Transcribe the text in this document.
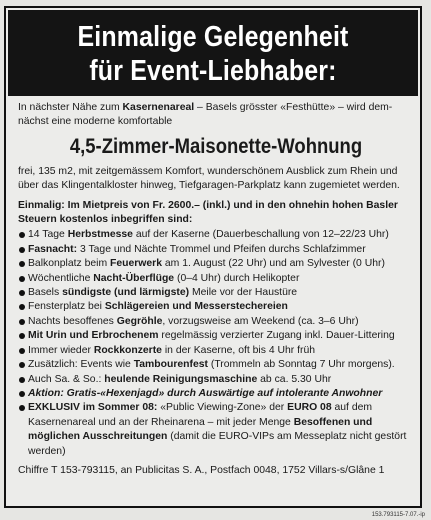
Einmalige Gelegenheit
für Event-Liebhaber:

In nächster Nähe zum Kasernenareal – Basels grösster «Festhütte» – wird dem-nächst eine moderne komfortable

4,5-Zimmer-Maisonette-Wohnung

frei, 135 m2, mit zeitgemässem Komfort, wunderschönem Ausblick zum Rhein und über das Klingentalkloster hinweg, Tiefgaragen-Parkplatz kann zugemietet werden.

Einmalig: Im Mietpreis von Fr. 2600.– (inkl.) und in den ohnehin hohen Basler Steuern kostenlos inbegriffen sind:

14 Tage Herbstmesse auf der Kaserne (Dauerbeschallung von 12–22/23 Uhr)
Fasnacht: 3 Tage und Nächte Trommel und Pfeifen durchs Schlafzimmer
Balkonplatz beim Feuerwerk am 1. August (22 Uhr) und am Sylvester (0 Uhr)
Wöchentliche Nacht-Überflüge (0–4 Uhr) durch Helikopter
Basels sündigste (und lärmigste) Meile vor der Haustüre
Fensterplatz bei Schlägereien und Messerstechereien
Nachts besoffenes Gegröhle, vorzugsweise am Weekend (ca. 3–6 Uhr)
Mit Urin und Erbrochenem regelmässig verzierter Zugang inkl. Dauer-Littering
Immer wieder Rockkonzerte in der Kaserne, oft bis 4 Uhr früh
Zusätzlich: Events wie Tambourenfest (Trommeln ab Sonntag 7 Uhr morgens).
Auch Sa. & So.: heulende Reinigungsmaschine ab ca. 5.30 Uhr
Aktion: Gratis-«Hexenjagd» durch Auswärtige auf intolerante Anwohner
EXKLUSIV im Sommer 08: «Public Viewing-Zone» der EURO 08 auf dem Kasernenareal und an der Rheinarena – mit jeder Menge Besoffenen und möglichen Ausschreitungen (damit die EURO-VIPs am Messeplatz nicht gestört werden)

Chiffre T 153-793115, an Publicitas S. A., Postfach 0048, 1752 Villars-s/Glâne 1

153.793115-7.07.-ip
